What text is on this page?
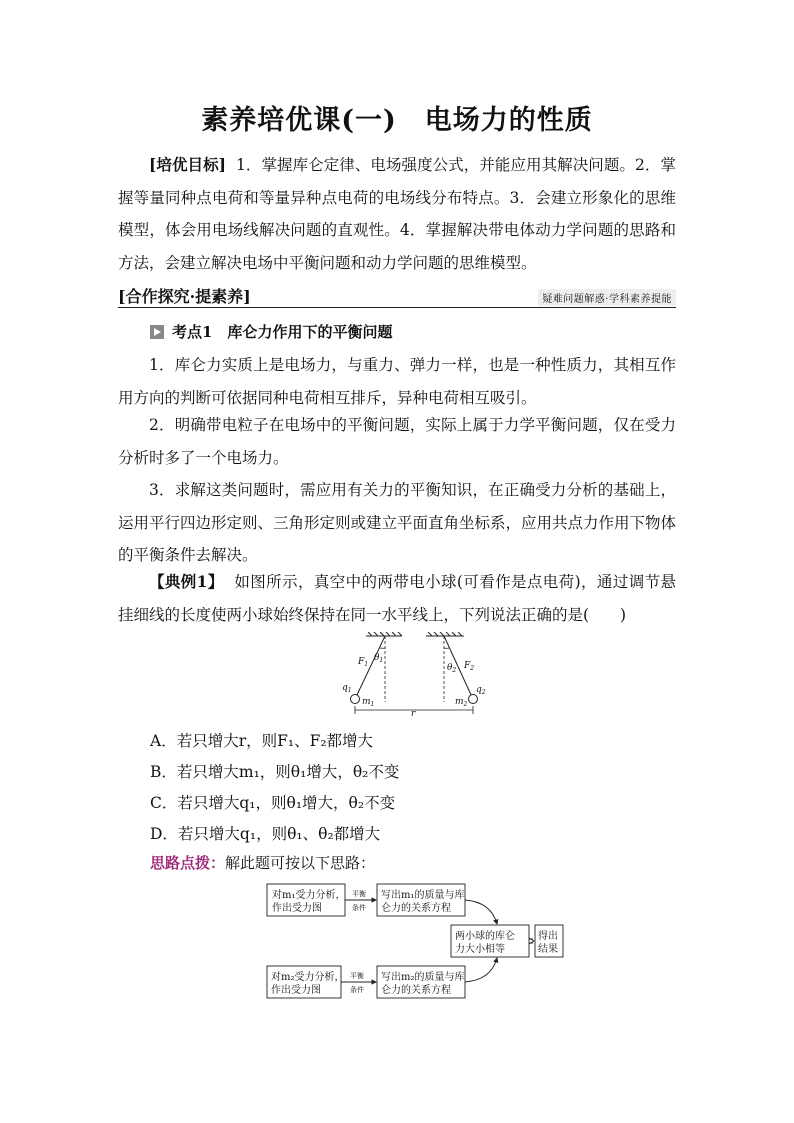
素养培优课(一)　电场力的性质
[培优目标] 1．掌握库仑定律、电场强度公式，并能应用其解决问题。2．掌握等量同种点电荷和等量异种点电荷的电场线分布特点。3．会建立形象化的思维模型，体会用电场线解决问题的直观性。4．掌握解决带电体动力学问题的思路和方法，会建立解决电场中平衡问题和动力学问题的思维模型。
[合作探究·提素养]	疑难问题解惑·学科素养提能
考点1　库仑力作用下的平衡问题
1．库仑力实质上是电场力，与重力、弹力一样，也是一种性质力，其相互作用方向的判断可依据同种电荷相互排斥，异种电荷相互吸引。
2．明确带电粒子在电场中的平衡问题，实际上属于力学平衡问题，仅在受力分析时多了一个电场力。
3．求解这类问题时，需应用有关力的平衡知识，在正确受力分析的基础上，运用平行四边形定则、三角形定则或建立平面直角坐标系，应用共点力作用下物体的平衡条件去解决。
【典例1】 如图所示，真空中的两带电小球(可看作是点电荷)，通过调节悬挂细线的长度使两小球始终保持在同一水平线上，下列说法正确的是(　　)
$F_1$
$\theta_1$
$\theta_2$ $F_2$
$q_1$
$m_1$
$q_2$
$m_2$
r
A．若只增大r，则F₁、F₂都增大
B．若只增大m₁，则θ₁增大，θ₂不变
C．若只增大q₁，则θ₁增大，θ₂不变
D．若只增大q₁，则θ₁、θ₂都增大
思路点拨：解此题可按以下思路：
对m₁受力分析，
作出受力图
写出m₁的质量与库
仑力的关系方程
两小球的库仑
力大小相等
得出
结果
对m₂受力分析，
作出受力图
写出m₂的质量与库
仑力的关系方程
平衡
条件
平衡
条件
